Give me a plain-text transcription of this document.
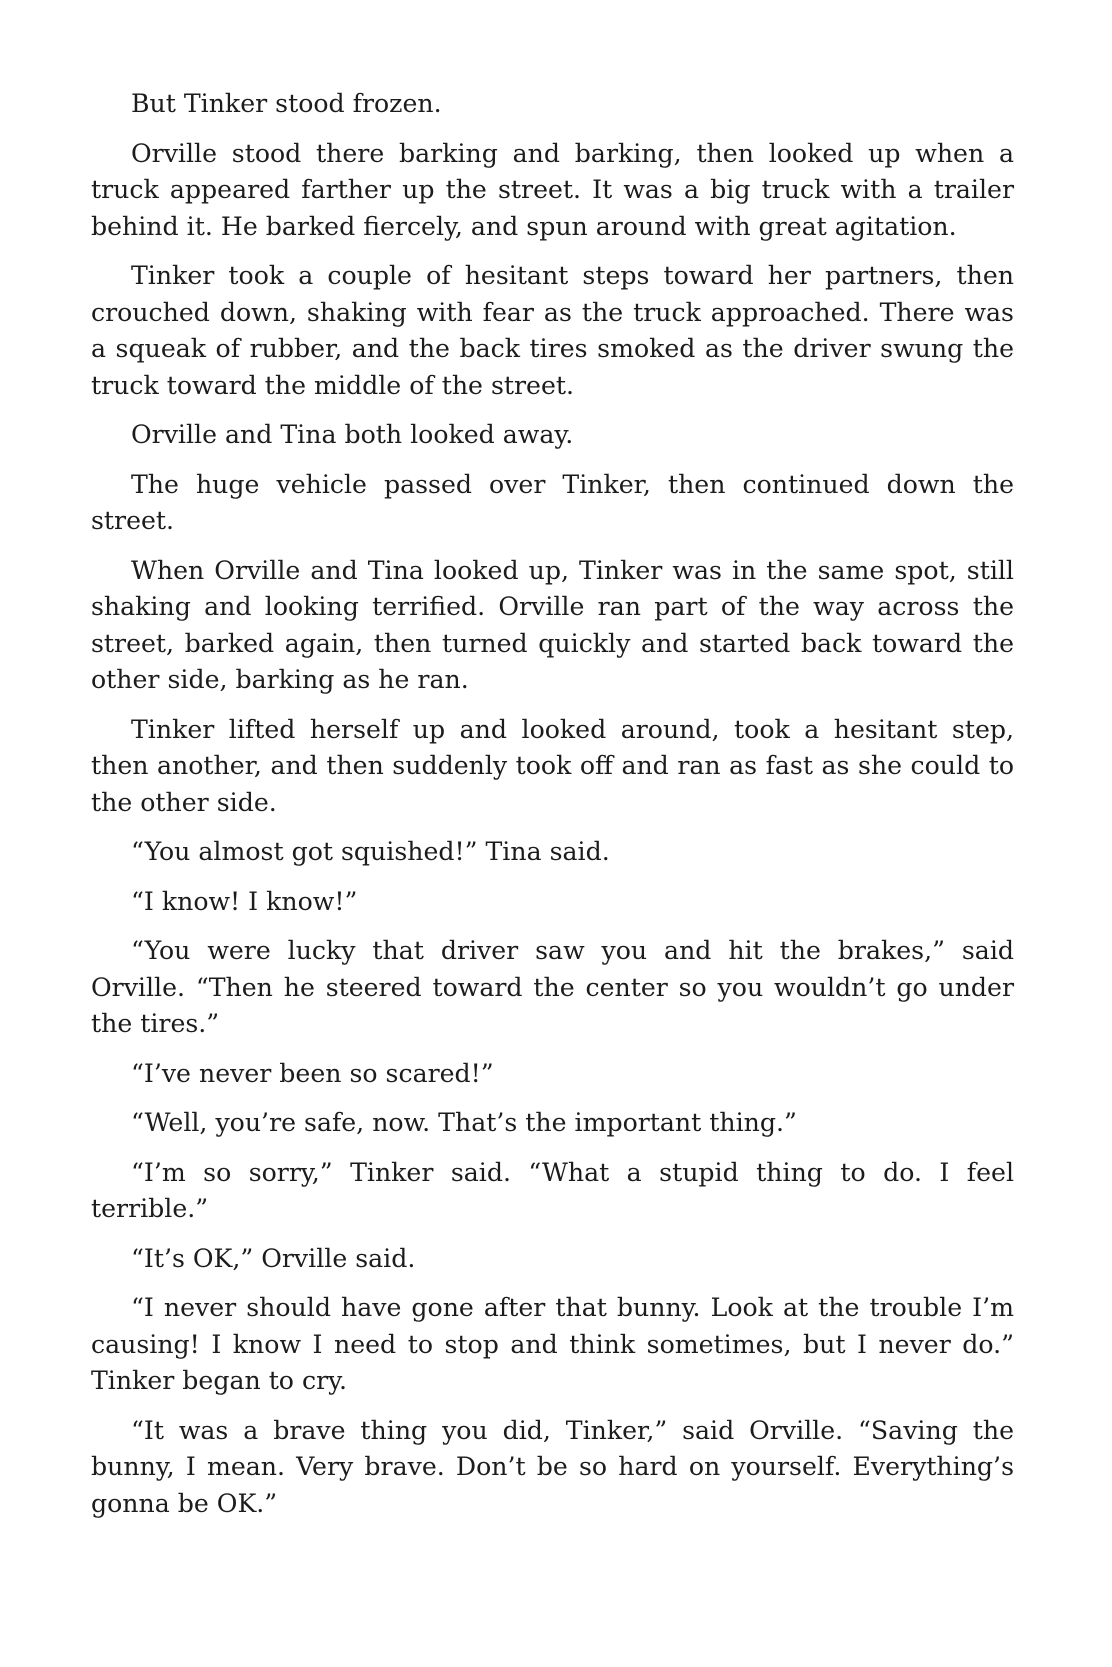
But Tinker stood frozen.

Orville stood there barking and barking, then looked up when a truck appeared farther up the street. It was a big truck with a trailer behind it. He barked fiercely, and spun around with great agitation.

Tinker took a couple of hesitant steps toward her partners, then crouched down, shaking with fear as the truck approached. There was a squeak of rubber, and the back tires smoked as the driver swung the truck toward the middle of the street.

Orville and Tina both looked away.

The huge vehicle passed over Tinker, then continued down the street.

When Orville and Tina looked up, Tinker was in the same spot, still shaking and looking terrified. Orville ran part of the way across the street, barked again, then turned quickly and started back toward the other side, barking as he ran.

Tinker lifted herself up and looked around, took a hesitant step, then another, and then suddenly took off and ran as fast as she could to the other side.

“You almost got squished!” Tina said.

“I know! I know!”

“You were lucky that driver saw you and hit the brakes,” said Orville. “Then he steered toward the center so you wouldn’t go under the tires.”

“I’ve never been so scared!”

“Well, you’re safe, now. That’s the important thing.”

“I’m so sorry,” Tinker said. “What a stupid thing to do. I feel terrible.”

“It’s OK,” Orville said.

“I never should have gone after that bunny. Look at the trouble I’m causing! I know I need to stop and think sometimes, but I never do.” Tinker began to cry.

“It was a brave thing you did, Tinker,” said Orville. “Saving the bunny, I mean. Very brave. Don’t be so hard on yourself. Everything’s gonna be OK.”
